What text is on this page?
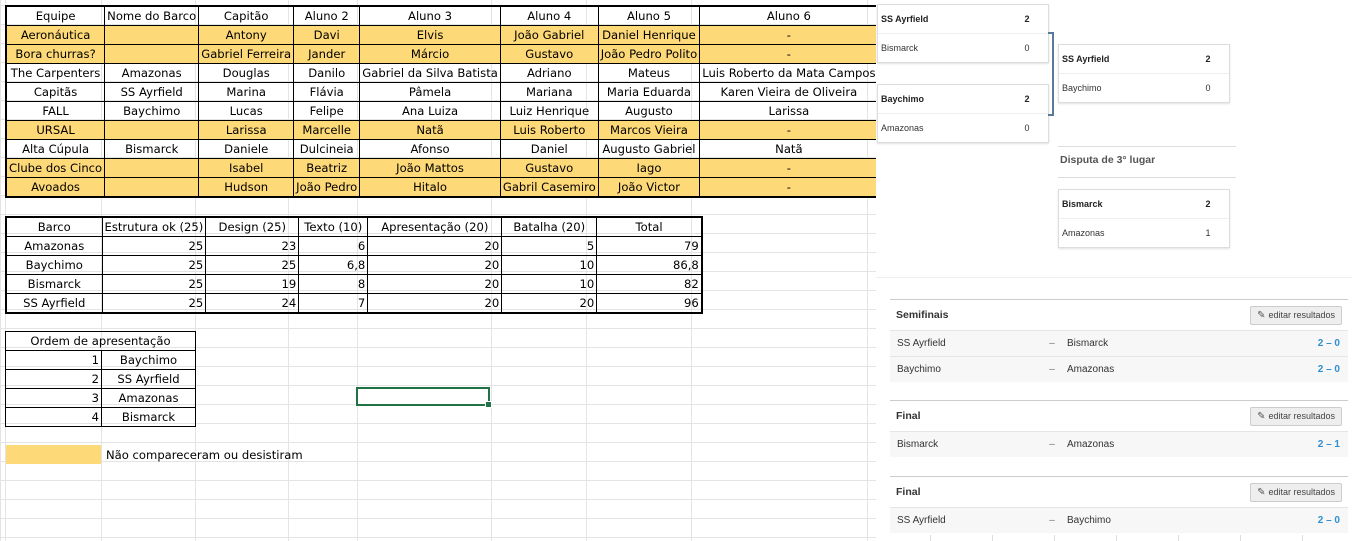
Equipe	Nome do Barco	Capitão	Aluno 2	Aluno 3	Aluno 4	Aluno 5	Aluno 6
Aeronáutica		Antony	Davi	Elvis	João Gabriel	Daniel Henrique	-
Bora churras?		Gabriel Ferreira	Jander	Márcio	Gustavo	João Pedro Polito	-
The Carpenters	Amazonas	Douglas	Danilo	Gabriel da Silva Batista	Adriano	Mateus	Luis Roberto da Mata Campos
Capitãs	SS Ayrfield	Marina	Flávia	Pâmela	Mariana	Maria Eduarda	Karen Vieira de Oliveira
FALL	Baychimo	Lucas	Felipe	Ana Luiza	Luiz Henrique	Augusto	Larissa
URSAL		Larissa	Marcelle	Natã	Luis Roberto	Marcos Vieira	-
Alta Cúpula	Bismarck	Daniele	Dulcineia	Afonso	Daniel	Augusto Gabriel	Natã
Clube dos Cinco		Isabel	Beatriz	João Mattos	Gustavo	Iago	-
Avoados		Hudson	João Pedro	Hitalo	Gabril Casemiro	João Victor	-
Barco	Estrutura ok (25)	Design (25)	Texto (10)	Apresentação (20)	Batalha (20)	Total
Amazonas	25	23	6	20	5	79
Baychimo	25	25	6,8	20	10	86,8
Bismarck	25	19	8	20	10	82
SS Ayrfield	25	24	7	20	20	96
Ordem de apresentação	
1	Baychimo
2	SS Ayrfield
3	Amazonas
4	Bismarck
Não compareceram ou desistiram
SS Ayrfield	2
Bismarck	0
Baychimo	2
Amazonas	0
SS Ayrfield	2
Baychimo	0
Disputa de 3° lugar
Bismarck	2
Amazonas	1
Semifinais	✎ editar resultados
SS Ayrfield	–	Bismarck	2 – 0
Baychimo	–	Amazonas	2 – 0
Final	✎ editar resultados
Bismarck	–	Amazonas	2 – 1
Final	✎ editar resultados
SS Ayrfield	–	Baychimo	2 – 0
